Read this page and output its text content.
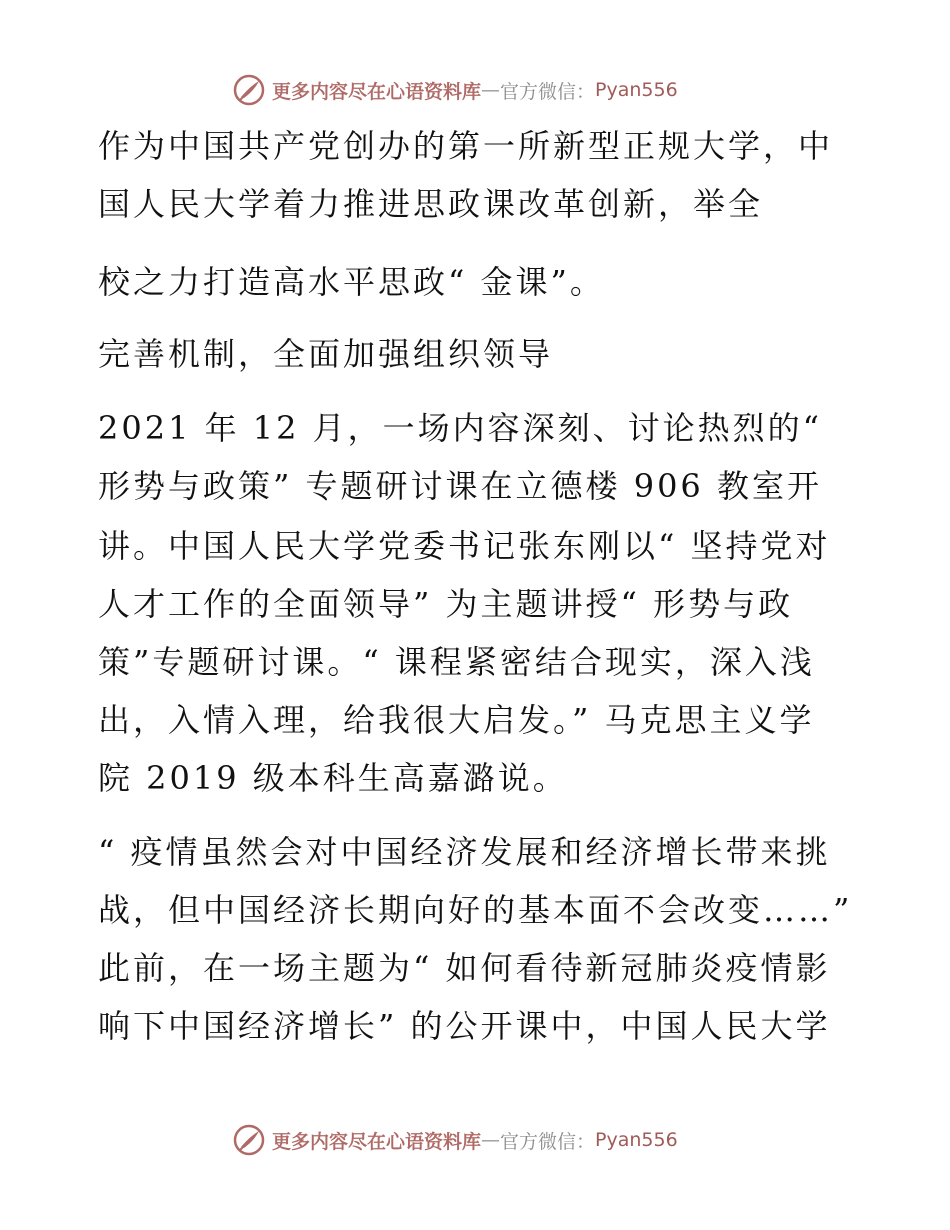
更多内容尽在心语资料库 — 官方微信： Pyan556
作为中国共产党创办的第一所新型正规大学，中
国人民大学着力推进思政课改革创新，举全
校之力打造高水平思政“ 金课”。
完善机制，全面加强组织领导
2021 年 12 月，一场内容深刻、讨论热烈的“
形势与政策” 专题研讨课在立德楼 906 教室开
讲。中国人民大学党委书记张东刚以“ 坚持党对
人才工作的全面领导” 为主题讲授“ 形势与政
策”专题研讨课。“ 课程紧密结合现实，深入浅
出，入情入理，给我很大启发。” 马克思主义学
院 2019 级本科生高嘉潞说。
“ 疫情虽然会对中国经济发展和经济增长带来挑
战，但中国经济长期向好的基本面不会改变……”
此前，在一场主题为“ 如何看待新冠肺炎疫情影
响下中国经济增长” 的公开课中，中国人民大学
更多内容尽在心语资料库 — 官方微信： Pyan556
